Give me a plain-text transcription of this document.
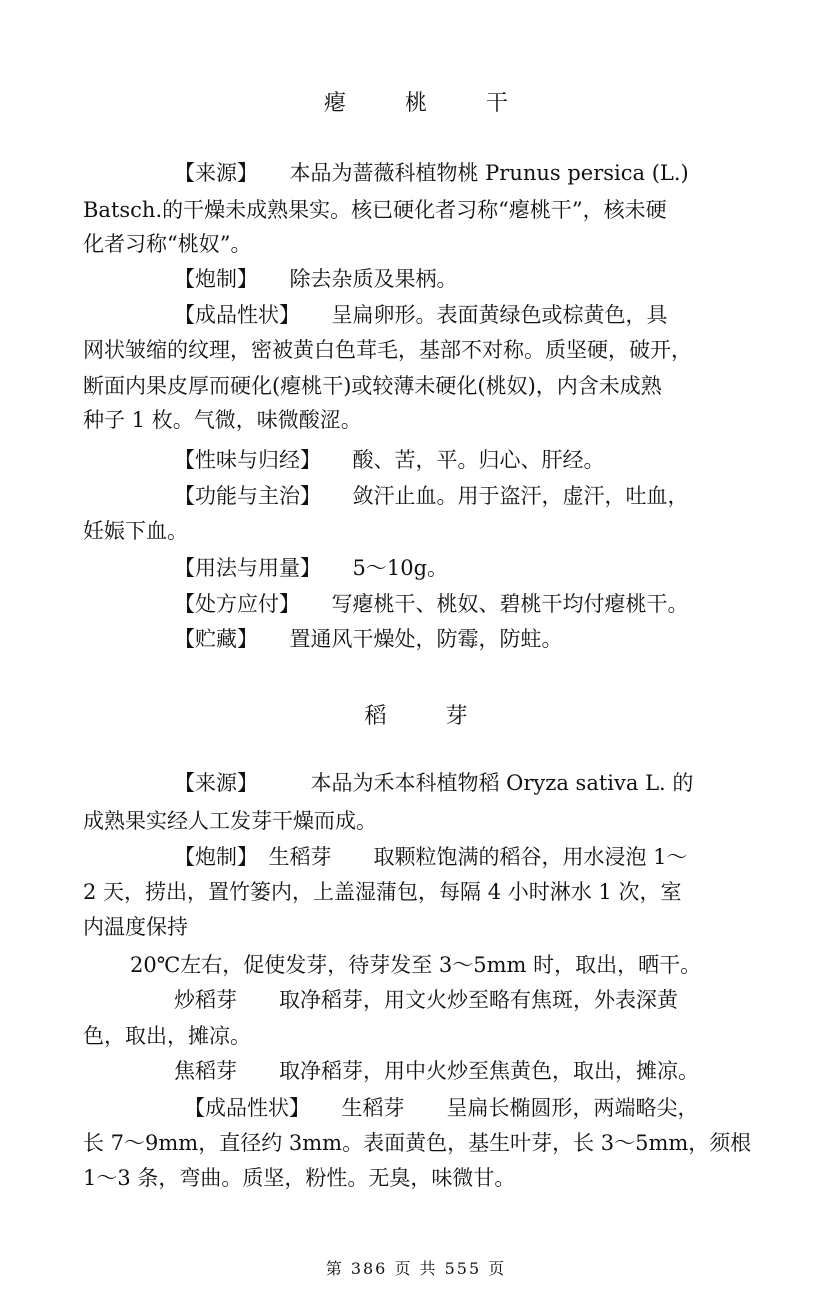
瘪 桃 干
【来源】　　本品为蔷薇科植物桃 Prunus persica (L.)
Batsch.的干燥未成熟果实。核已硬化者习称“瘪桃干”，核未硬
化者习称“桃奴”。
【炮制】　　除去杂质及果柄。
【成品性状】　　呈扁卵形。表面黄绿色或棕黄色，具
网状皱缩的纹理，密被黄白色茸毛，基部不对称。质坚硬，破开，
断面内果皮厚而硬化(瘪桃干)或较薄未硬化(桃奴)，内含未成熟
种子 1 枚。气微，味微酸涩。
【性味与归经】　　酸、苦，平。归心、肝经。
【功能与主治】　　敛汗止血。用于盗汗，虚汗，吐血，
妊娠下血。
【用法与用量】　　5～10g。
【处方应付】　　写瘪桃干、桃奴、碧桃干均付瘪桃干。
【贮藏】　　置通风干燥处，防霉，防蛀。
稻 芽
【来源】　　　本品为禾本科植物稻 Oryza sativa L. 的
成熟果实经人工发芽干燥而成。
【炮制】　生稻芽　　取颗粒饱满的稻谷，用水浸泡 1～
2 天，捞出，置竹篓内，上盖湿蒲包，每隔 4 小时淋水 1 次，室
内温度保持
20℃左右，促使发芽，待芽发至 3～5mm 时，取出，晒干。
炒稻芽　　取净稻芽，用文火炒至略有焦斑，外表深黄
色，取出，摊凉。
焦稻芽　　取净稻芽，用中火炒至焦黄色，取出，摊凉。
【成品性状】　　生稻芽　　呈扁长椭圆形，两端略尖，
长 7～9mm，直径约 3mm。表面黄色，基生叶芽，长 3～5mm，须根
1～3 条，弯曲。质坚，粉性。无臭，味微甘。
第 386 页 共 555 页
